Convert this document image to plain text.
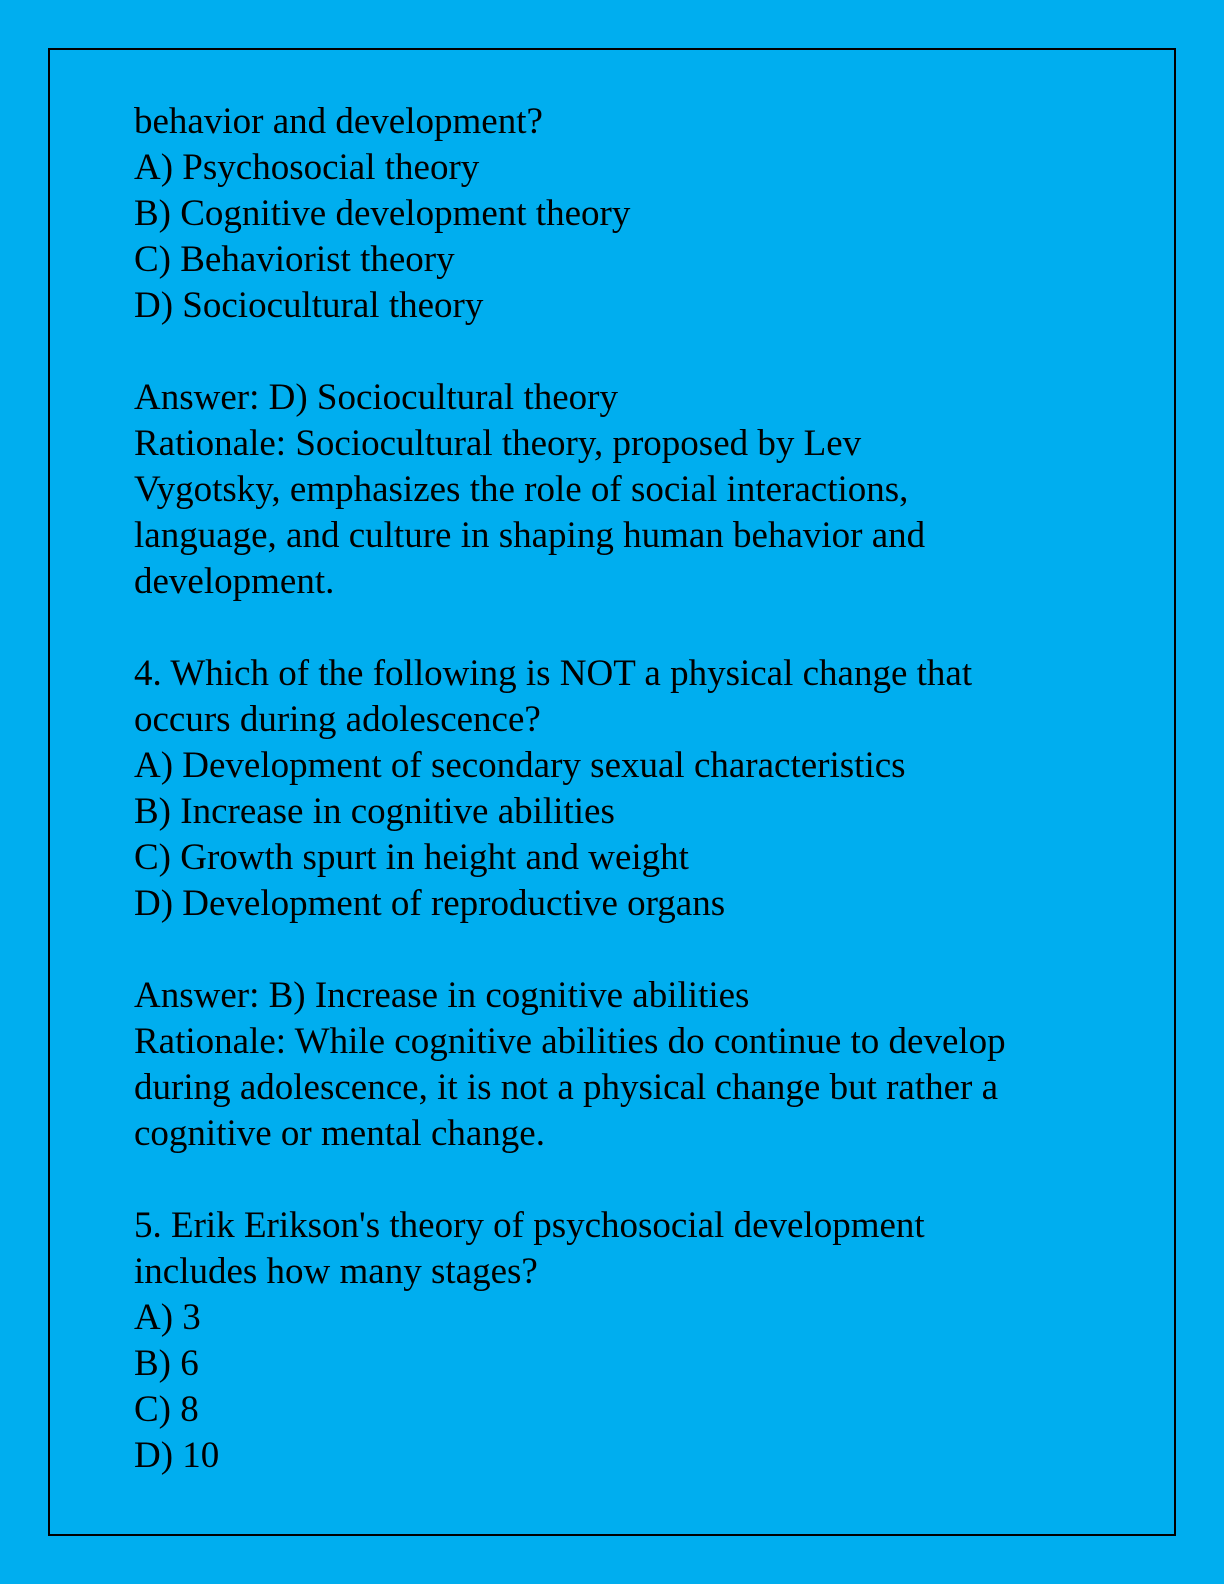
behavior and development?
A) Psychosocial theory
B) Cognitive development theory
C) Behaviorist theory
D) Sociocultural theory
Answer: D) Sociocultural theory
Rationale: Sociocultural theory, proposed by Lev
Vygotsky, emphasizes the role of social interactions,
language, and culture in shaping human behavior and
development.
4. Which of the following is NOT a physical change that
occurs during adolescence?
A) Development of secondary sexual characteristics
B) Increase in cognitive abilities
C) Growth spurt in height and weight
D) Development of reproductive organs
Answer: B) Increase in cognitive abilities
Rationale: While cognitive abilities do continue to develop
during adolescence, it is not a physical change but rather a
cognitive or mental change.
5. Erik Erikson's theory of psychosocial development
includes how many stages?
A) 3
B) 6
C) 8
D) 10
